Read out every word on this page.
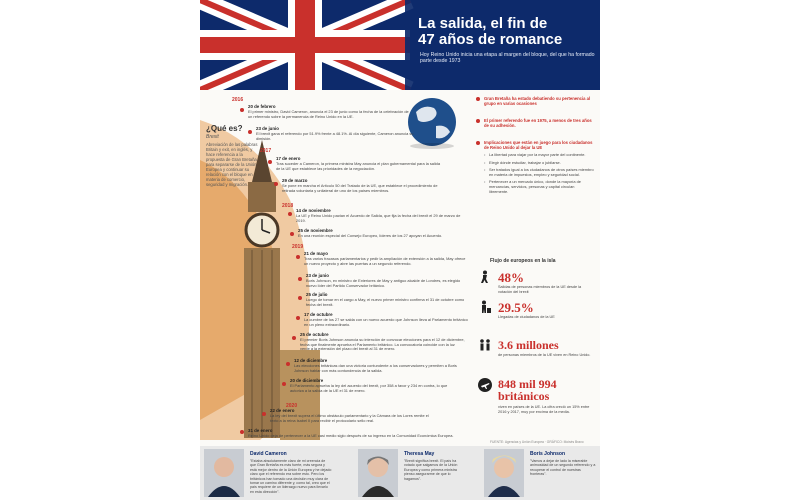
La salida, el fin de
47 años de romance
Hoy Reino Unido inicia una etapa al margen del bloque, del que ha formado parte desde 1973
¿Qué es?
Brexit
Abreviación de las palabras Britain y exit, en inglés, y hace referencia a la propuesta de Gran Bretaña para separarse de la Unión Europea y continuar su relación con el bloque en materia de comercio, seguridad y migración.
2016
2017
2018
2019
2020
20 de febrero
El primer ministro, David Cameron, anuncia el 23 de junio como la fecha de la celebración de un referendo sobre la permanencia de Reino Unido en la UE.
23 de junio
El brexit gana el referendo por 51.9% frente a 48.1%. Al día siguiente, Cameron anuncia su dimisión.
17 de enero
Tras suceder a Cameron, la primera ministra May anuncia el plan gubernamental para la salida de la UE que establece las prioridades de la negociación.
29 de marzo
Se pone en marcha el Artículo 50 del Tratado de la UE, que establece el procedimiento de retirada voluntaria y unilateral de uno de los países miembros.
14 de noviembre
La UE y Reino Unido pactan el Acuerdo de Salida, que fija la fecha del brexit el 29 de marzo de 2019.
25 de noviembre
En una reunión especial del Consejo Europeo, líderes de los 27 apoyan el Acuerdo.
21 de mayo
Tras varios fracasos parlamentarios y pedir la ampliación de extensión a la salida, May ofrece un nuevo proyecto y abre las puertas a un segundo referendo.
23 de junio
Boris Johnson, ex ministro de Exteriores de May y antiguo alcalde de Londres, es elegido nuevo líder del Partido Conservador británico.
25 de julio
Luego de tomar en el cargo a May, el nuevo primer ministro confirma el 31 de octubre como fecha del brexit.
17 de octubre
La cumbre de los 27 se salda con un nuevo acuerdo que Johnson lleva al Parlamento británico en un pleno extraordinario.
25 de octubre
El premier Boris Johnson anuncia su intención de convocar elecciones para el 12 de diciembre, fecha que finalmente aprueba el Parlamento británico. La convocatoria coincide con la luz verde a la extensión del plazo del brexit al 31 de enero.
12 de diciembre
Las elecciones británicas dan una victoria contundente a los conservadores y permiten a Boris Johnson hablar con más contundencia de la salida.
20 de diciembre
El Parlamento aprueba la ley del acuerdo del brexit, por 358 a favor y 234 en contra, lo que autoriza a la salida de la UE el 31 de enero.
22 de enero
La ley del brexit supera el último obstáculo parlamentario y la Cámara de los Lores remite el texto a la reina Isabel II para recibir el protocolario sello real.
31 de enero
Reino Unido deja de pertenecer a la UE casi medio siglo después de su ingreso en la Comunidad Económica Europea.
Gran Bretaña ha estado debatiendo su pertenencia al grupo en varias ocasiones
El primer referendo fue en 1975, a menos de tres años de su adhesión.
Implicaciones que están en juego para los ciudadanos de Reino Unido al dejar la UE
• La libertad para viajar por la mayor parte del continente.
• Elegir dónde estudiar, trabajar o jubilarse.
• Ser tratados igual a los ciudadanos de otros países miembro en materia de impuestos, empleo y seguridad social.
• Pertenecer a un mercado único, donde la mayoría de mercancías, servicios, personas y capital circulan libremente.
Flujo de europeos en la isla
48%
Salidas de personas miembros de la UE desde la votación del brexit
29.5%
Llegadas de ciudadanos de la UE
3.6 millones
de personas miembros de la UE viven en Reino Unido.
848 mil 994 británicos
viven en países de la UE. La cifra creció un 15% entre 2016 y 2017, muy por encima de la media.
FUENTE: Agencias y Unión Europea · GRÁFICO: Moisés Bravo
David Cameron
"Estaba absolutamente claro de mi creencia de que Gran Bretaña es más fuerte, más segura y está mejor dentro de la Unión Europea y he dejado claro que el referendo era sobre esto. Pero los británicos han tomado una decisión muy clara de tomar un camino diferente y, como tal, creo que el país requiere de un liderazgo nuevo para llevarlo en esta dirección".
Theresa May
"Brexit significa brexit. El país ha votado que salgamos de la Unión Europea y como primera ministra pienso asegurarme de que lo hagamos".
Boris Johnson
"Vamos a dejar de lado la miserable animosidad de un segundo referendo y a recuperar el control de nuestras fronteras".
